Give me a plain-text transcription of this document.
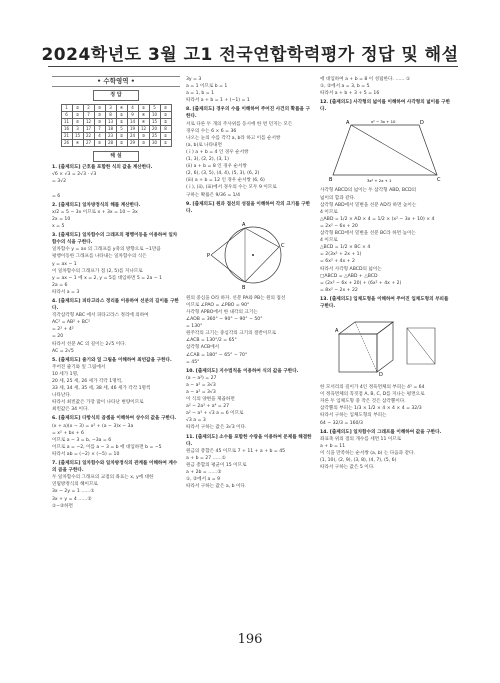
2024학년도 3월 고1 전국연합학력평가 정답 및 해설
• 수학영역 •
정 답
1	②	2	③	3	④	4	①	5	⑤
6	②	7	③	8	①	9	④	10	②
11	⑤	12	③	13	①	14	④	15	②
16	3	17	7	18	5	19	12	20	8
21	15	22	4	23	②	24	③	25	①
26	④	27	⑤	28	②	29	③	30	①
해 설
1. [출제의도] 근호를 포함한 식의 값을 계산한다.
√6 × √3 = 2√3 · √3
= 3√2

= 6
2. [출제의도] 일차방정식의 해를 계산한다.
x/2 = 5 − 3x 이므로 x + 3x = 10 − 3x
2x = 10
x = 5
3. [출제의도] 일차함수의 그래프의 평행이동을 이용하여 일차함수의 식을 구한다.
일차함수 y = ax 의 그래프를 y축의 방향으로 −1만큼
평행이동한 그래프를 나타내는 일차함수의 식은
y = ax − 1
이 일차함수의 그래프가 점 (2, 5)를 지나므로
y = ax − 1 에 x = 2, y = 5를 대입하면 5 = 2a − 1
2a = 6
따라서 a = 3
4. [출제의도] 피타고라스 정리를 이용하여 선분의 길이를 구한다.
직각삼각형 ABC 에서 피타고라스 정리에 의하여
AC² = AB² + BC²
= 2² + 4²
= 20
따라서 선분 AC 의 길이는 2√5 이다.
AC = 2√5
5. [출제의도] 줄기와 잎 그림을 이해하여 최빈값을 구한다.
주어진 줄기와 잎 그림에서
10 세가 1명,
20 세, 25 세, 26 세가 각각 1명씩,
33 세, 34 세, 35 세, 38 세, 46 세가 각각 1명씩
나타난다.
따라서 최빈값은 가장 많이 나타난 변량이므로
최빈값은 34 이다.
6. [출제의도] 다항식의 곱셈을 이해하여 상수의 값을 구한다.
(x + a)(x − 3) = x² + (a − 3)x − 3a
= x² + bx + 6
이므로 a − 3 = b, −3a = 6
이므로 a = −2, 이를 a − 3 = b 에 대입하면 b = −5
따라서 ab = (−2) × (−5) = 10
7. [출제의도] 일차함수와 일차방정식의 관계를 이해하여 계수의 곱을 구한다.
두 일차함수의 그래프의 교점의 좌표는 x, y에 대한
연립방정식의 해이므로
3x − 2y = 1 ……①
3x + y = 4 ……②
①−②하면
3y = 3
a = 1 이므로 b = 1
a = 1, b = 1
따라서 a + b = 1 + (−1) = 1
8. [출제의도] 경우의 수를 이해하여 주어진 사건의 확률을 구한다.
서로 다른 두 개의 주사위를 동시에 한 번 던지는 모든
경우의 수는 6 × 6 = 36
나오는 눈의 수를 각각 a, b라 하고 이를 순서쌍
(a, b)로 나타내면
( i ) a + b = 4 인 경우 순서쌍
(1, 3), (2, 2), (3, 1)
(ii) a + b = 8 인 경우 순서쌍
(2, 6), (3, 5), (4, 4), (5, 3), (6, 2)
(iii) a + b = 12 인 경우 순서쌍 (6, 6)
( i ), (ii), (iii)에서 경우의 수는 모두 9 이므로
구하는 확률은 9/36 = 1/4
9. [출제의도] 원과 접선의 성질을 이해하여 각의 크기를 구한다.
P
A
B
C
원의 중심을 O라 하자. 선분 PA와 PB는 원의 접선
이므로 ∠PAO = ∠PBO = 90°
사각형 APBO에서 한 내각의 크기는
∠AOB = 360° − 90° − 90° − 50°
= 130°
원주각의 크기는 중심각의 크기의 절반이므로
∠ACB = 130°/2 = 65°
삼각형 ACB에서
∠CAB = 180° − 65° − 70°
= 45°
10. [출제의도] 지수법칙을 이용하여 식의 값을 구한다.
(a − a²) = 27
a − a² = 3√3
a − a² = 3√3
이 식의 양변을 제곱하면
a² − 2a³ + a⁴ = 27
a² − a³ + √3 a = 6 이므로
√3 a = 3
따라서 구하는 값은 3√3 이다.
11. [출제의도] 소수를 포함한 수량을 이용하여 문제를 해결한다.
원금의 총합은 45 이므로 7 + 11 + a + b = 45
a + b = 27 ……①
원금 총합의 평균이 15 이므로
a + 2b = ……②
①, ②에서 a = 9
따라서 구하는 값은 a, b 이다.
에 대입하여 a + b = 8 이 성립한다. …… ①
①, ②에서 a = 3, b = 5
따라서 a + b + 3 + 5 = 16
12. [출제의도] 사각형의 넓이를 이해하여 사각형의 넓이를 구한다.
A	D
B	C
x² − 3x + 10
3x² + 2x + 1
사각형 ABCD의 넓이는 두 삼각형 ABD, BCD의
넓이의 합과 같다.
삼각형 ABD에서 밑변을 선분 AD라 하면 높이는
4 이므로
△ABD = 1/2 × AD × 4 = 1/2 × (x² − 3x + 10) × 4
= 2x² − 6x + 20
삼각형 BCD에서 밑변을 선분 BC라 하면 높이는
4 이므로
△BCD = 1/2 × BC × 4
= 2(3x² + 2x + 1)
= 6x² + 4x + 2
따라서 사각형 ABCD의 넓이는
□ABCD = △ABD + △BCD
= (2x² − 6x + 20) + (6x² + 4x + 2)
= 8x² − 2x + 22
13. [출제의도] 입체도형을 이해하여 주어진 입체도형의 부피를 구한다.
A
D
한 모서리의 길이가 4인 정육면체의 부피는 4³ = 64
이 정육면체의 꼭짓점 A, B, C, D를 지나는 평면으로
자른 두 입체도형 중 작은 것은 삼각뿔이다.
삼각뿔의 부피는 1/3 × 1/2 × 4 × 4 × 4 = 32/3
따라서 구하는 입체도형의 부피는
64 − 32/3 = 160/3
14. [출제의도] 일차함수의 그래프를 이해하여 값을 구한다.
좌표축 위의 점의 개수를 세면 11 이므로
a + b = 11
이 식을 만족하는 순서쌍 (a, b) 는 다음과 같다.
(1, 10), (2, 9), (3, 8), (4, 7), (5, 6)
따라서 구하는 값은 5 이다.
196
